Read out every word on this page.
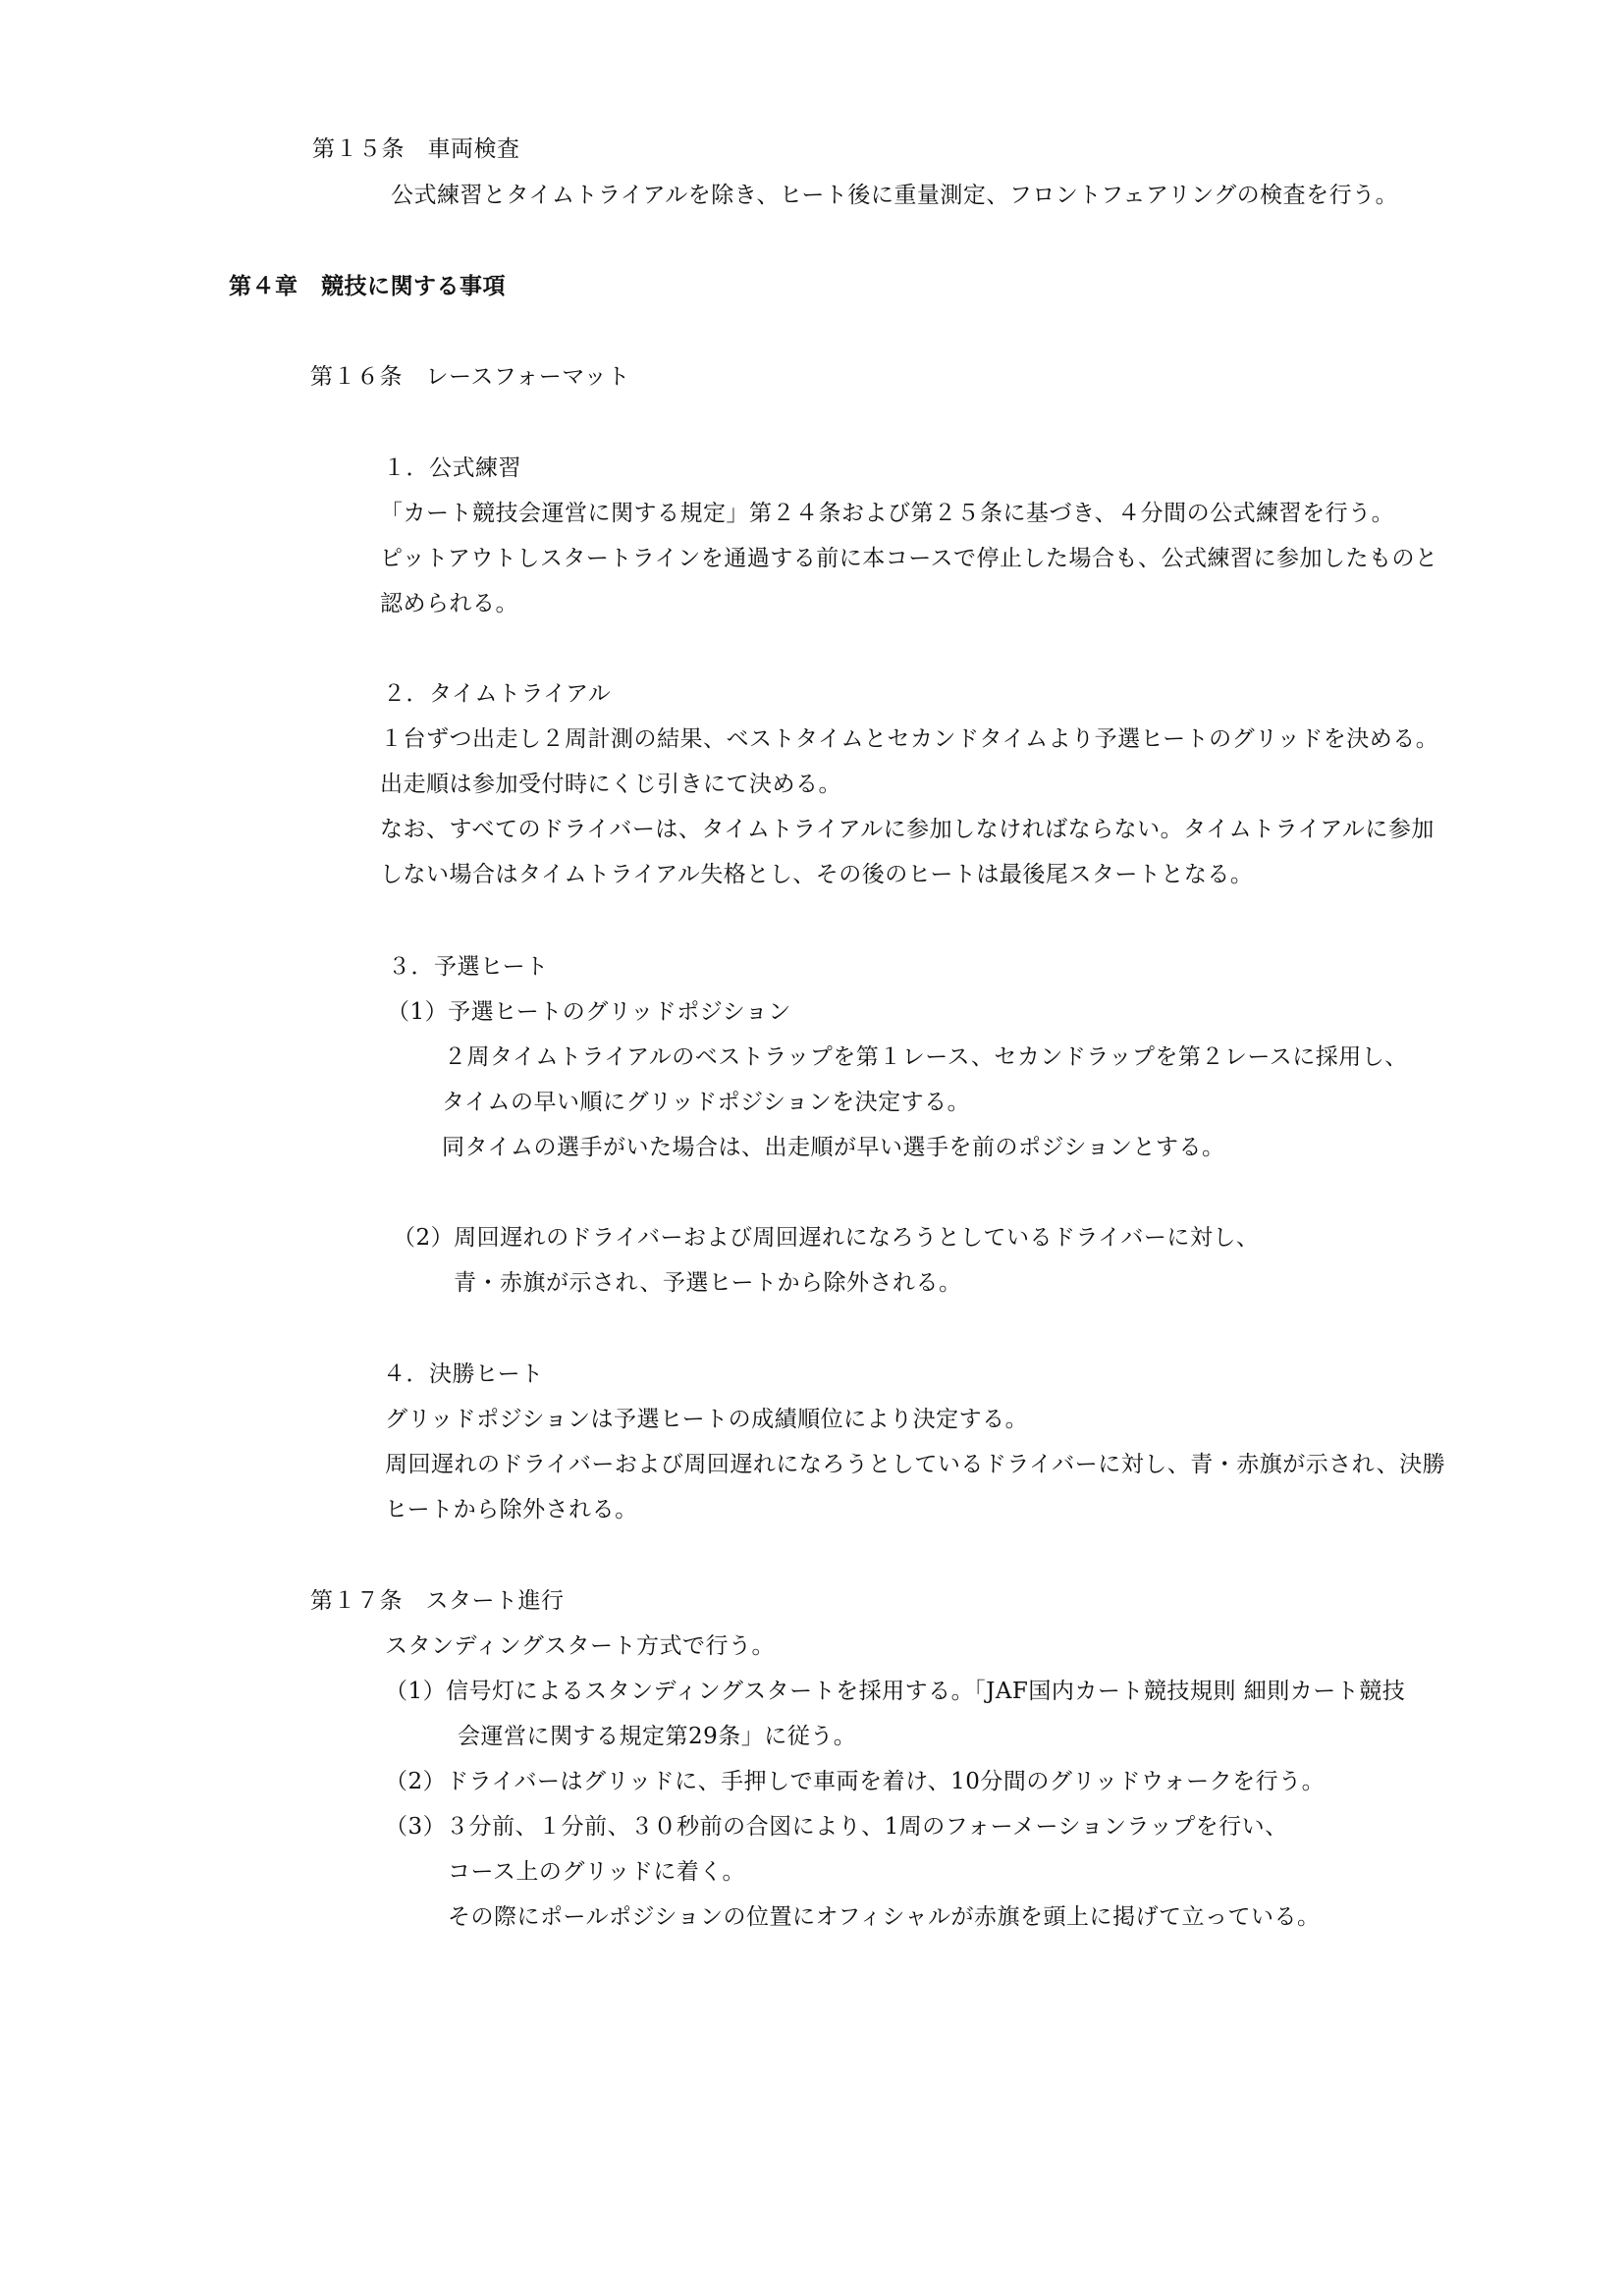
第１５条　車両検査
公式練習とタイムトライアルを除き、ヒート後に重量測定、フロントフェアリングの検査を行う。
第４章　競技に関する事項
第１６条　レースフォーマット
１．公式練習
「カート競技会運営に関する規定」第２４条および第２５条に基づき、４分間の公式練習を行う。
ピットアウトしスタートラインを通過する前に本コースで停止した場合も、公式練習に参加したものと
認められる。
２．タイムトライアル
１台ずつ出走し２周計測の結果、ベストタイムとセカンドタイムより予選ヒートのグリッドを決める。
出走順は参加受付時にくじ引きにて決める。
なお、すべてのドライバーは、タイムトライアルに参加しなければならない。タイムトライアルに参加
しない場合はタイムトライアル失格とし、その後のヒートは最後尾スタートとなる。
３．予選ヒート
（1）予選ヒートのグリッドポジション
２周タイムトライアルのベストラップを第１レース、セカンドラップを第２レースに採用し、
タイムの早い順にグリッドポジションを決定する。
同タイムの選手がいた場合は、出走順が早い選手を前のポジションとする。
（2）周回遅れのドライバーおよび周回遅れになろうとしているドライバーに対し、
青・赤旗が示され、予選ヒートから除外される。
４．決勝ヒート
グリッドポジションは予選ヒートの成績順位により決定する。
周回遅れのドライバーおよび周回遅れになろうとしているドライバーに対し、青・赤旗が示され、決勝
ヒートから除外される。
第１７条　スタート進行
スタンディングスタート方式で行う。
（1）信号灯によるスタンディングスタートを採用する。「JAF国内カート競技規則 細則カート競技
会運営に関する規定第29条」に従う。
（2）ドライバーはグリッドに、手押しで車両を着け、10分間のグリッドウォークを行う。
（3）３分前、１分前、３０秒前の合図により、1周のフォーメーションラップを行い、
コース上のグリッドに着く。
その際にポールポジションの位置にオフィシャルが赤旗を頭上に掲げて立っている。
